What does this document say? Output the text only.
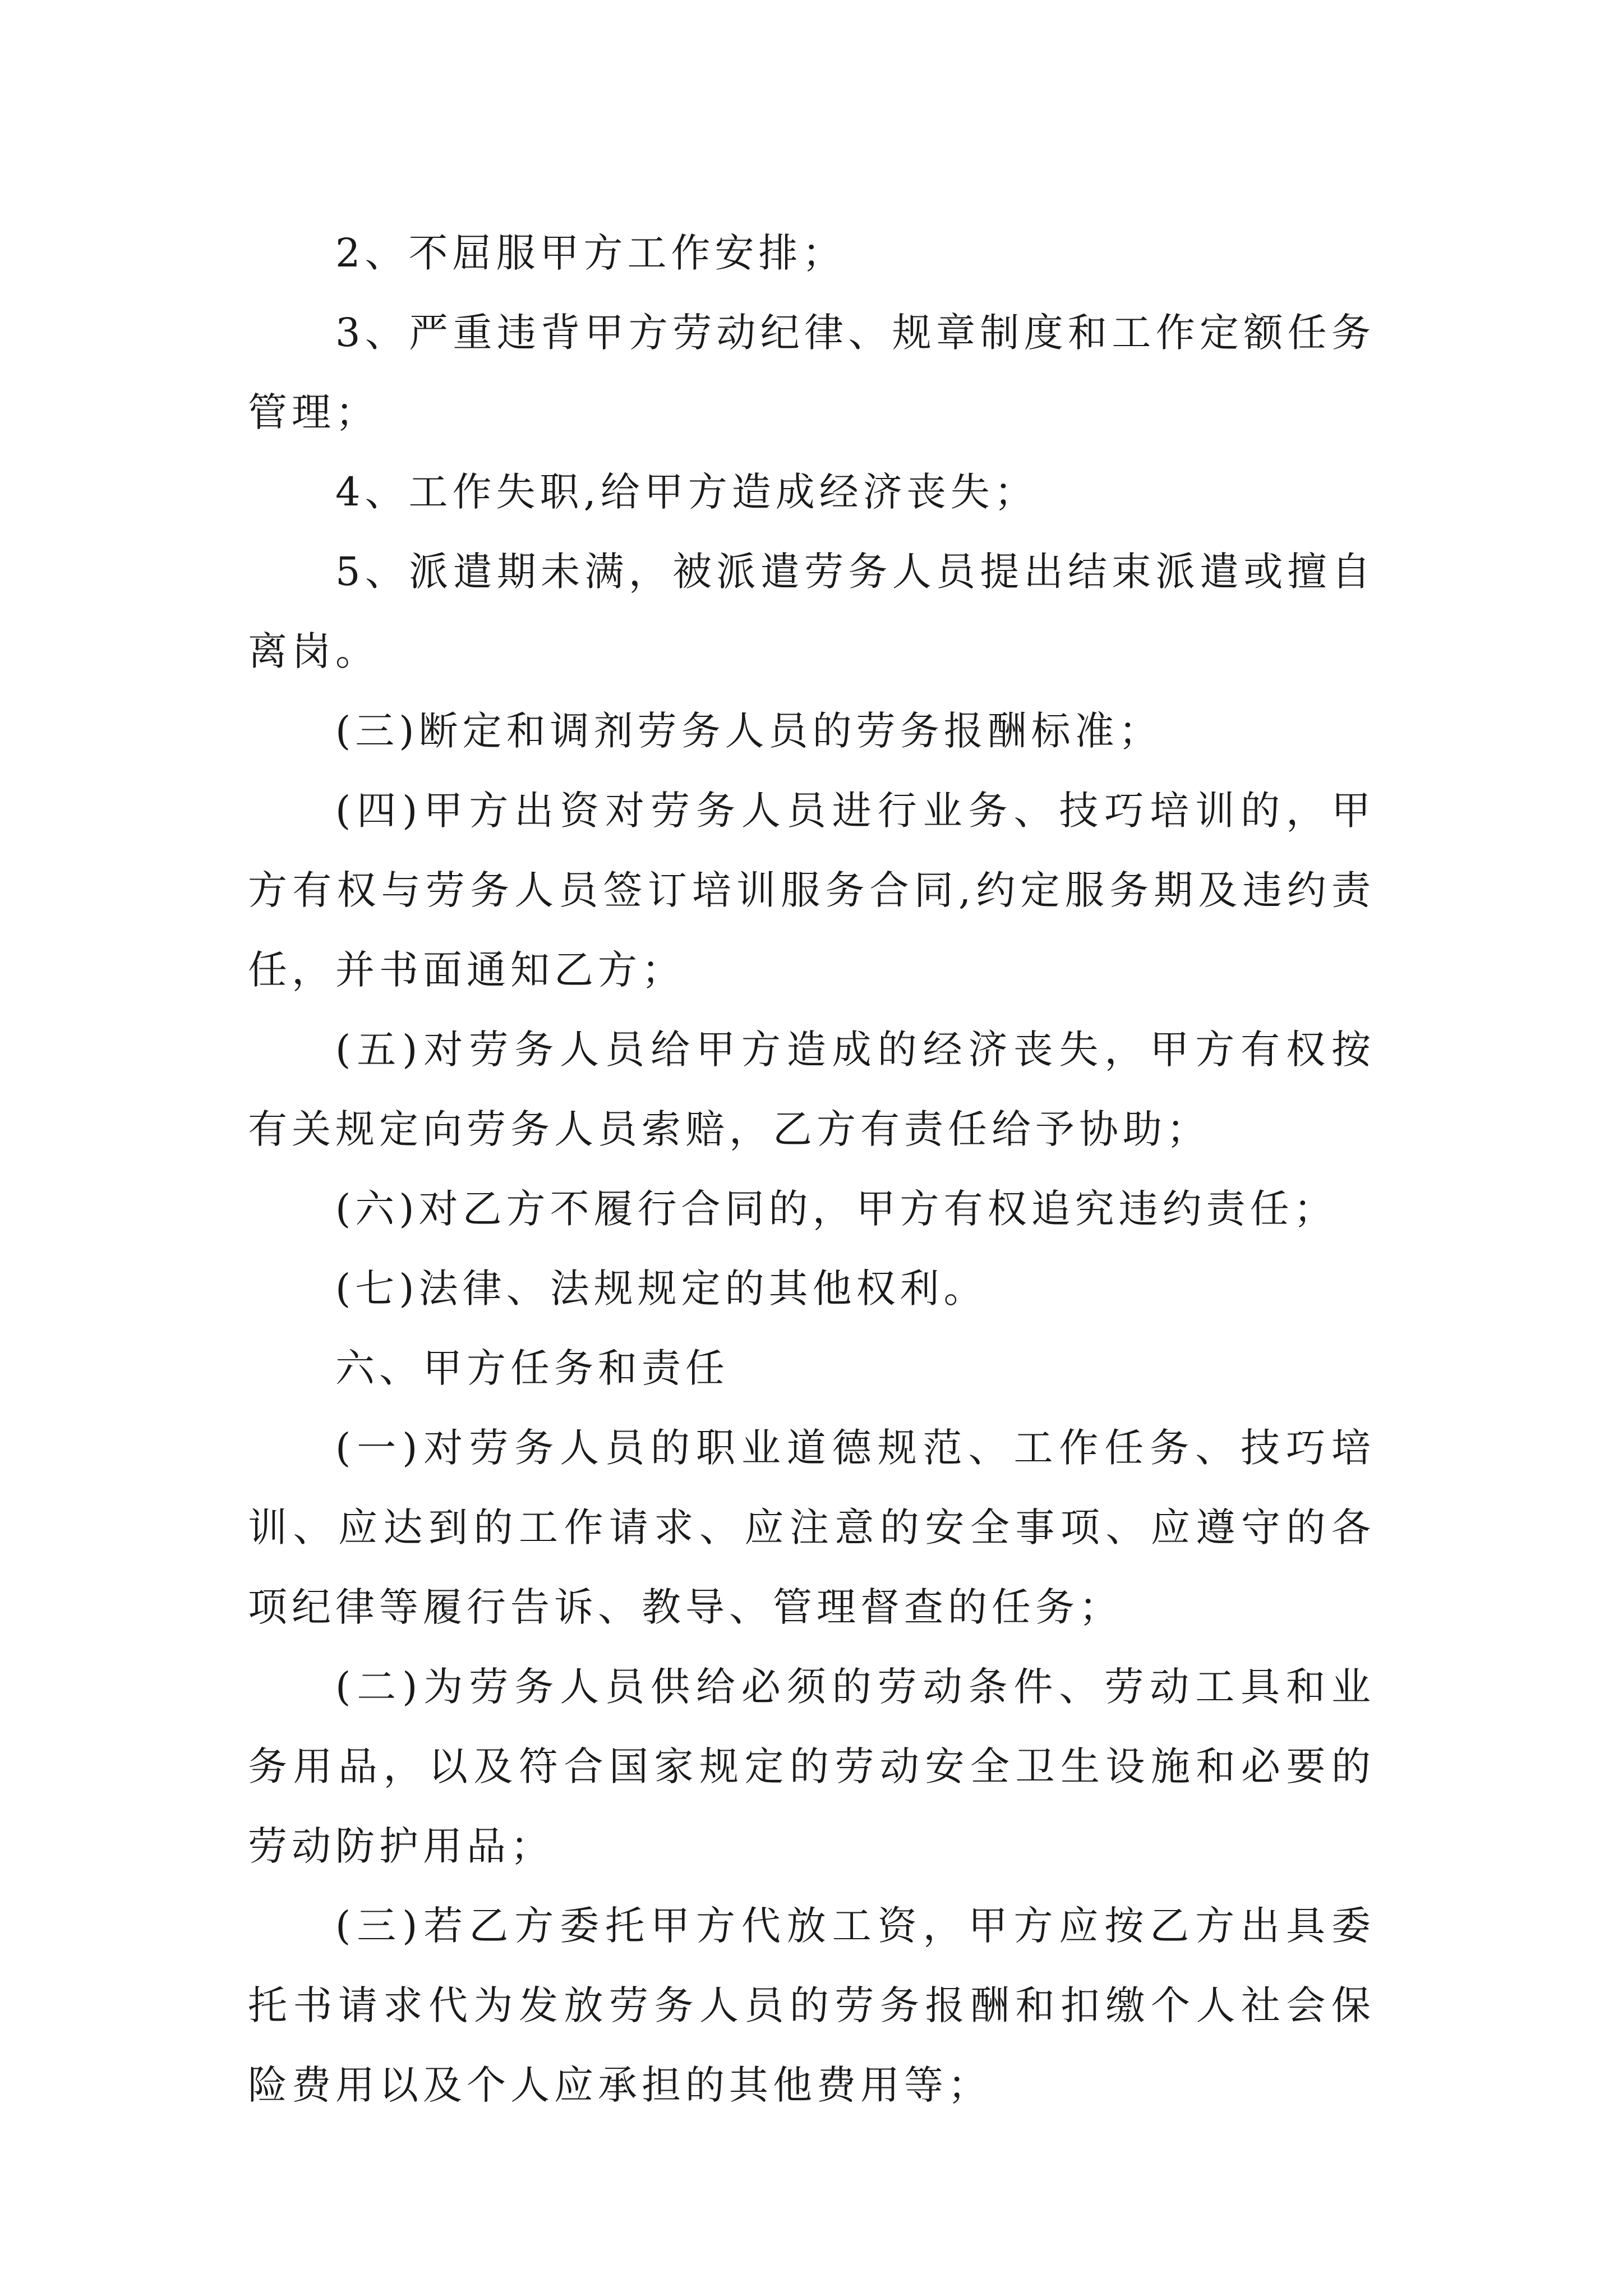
2、不屈服甲方工作安排；

3、严重违背甲方劳动纪律、规章制度和工作定额任务管理；

4、工作失职,给甲方造成经济丧失；

5、派遣期未满，被派遣劳务人员提出结束派遣或擅自离岗。

(三)断定和调剂劳务人员的劳务报酬标准；

(四)甲方出资对劳务人员进行业务、技巧培训的，甲方有权与劳务人员签订培训服务合同,约定服务期及违约责任，并书面通知乙方；

(五)对劳务人员给甲方造成的经济丧失，甲方有权按有关规定向劳务人员索赔，乙方有责任给予协助；

(六)对乙方不履行合同的，甲方有权追究违约责任；

(七)法律、法规规定的其他权利。

六、甲方任务和责任

(一)对劳务人员的职业道德规范、工作任务、技巧培训、应达到的工作请求、应注意的安全事项、应遵守的各项纪律等履行告诉、教导、管理督查的任务；

(二)为劳务人员供给必须的劳动条件、劳动工具和业务用品，以及符合国家规定的劳动安全卫生设施和必要的劳动防护用品；

(三)若乙方委托甲方代放工资，甲方应按乙方出具委托书请求代为发放劳务人员的劳务报酬和扣缴个人社会保险费用以及个人应承担的其他费用等；
